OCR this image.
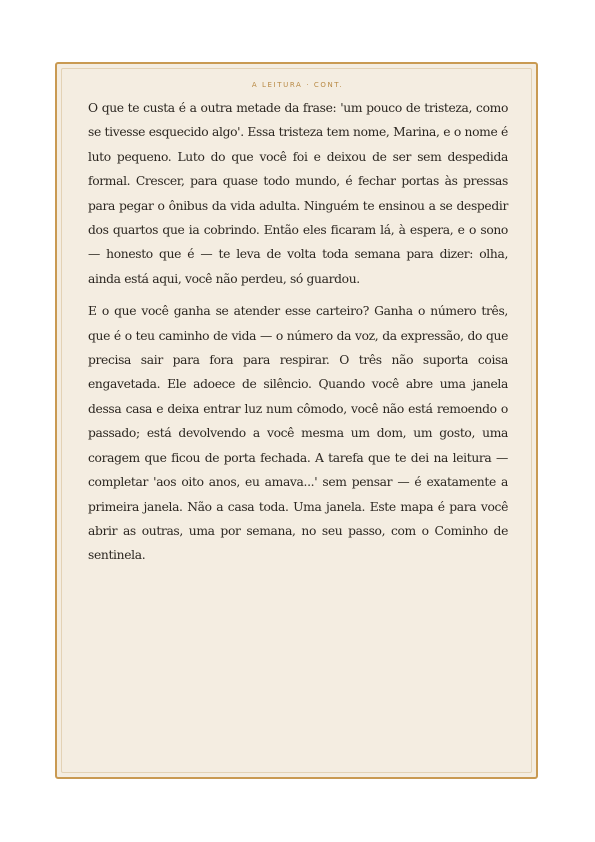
A LEITURA · CONT.

O que te custa é a outra metade da frase: 'um pouco de tristeza, como se tivesse esquecido algo'. Essa tristeza tem nome, Marina, e o nome é luto pequeno. Luto do que você foi e deixou de ser sem despedida formal. Crescer, para quase todo mundo, é fechar portas às pressas para pegar o ônibus da vida adulta. Ninguém te ensinou a se despedir dos quartos que ia cobrindo. Então eles ficaram lá, à espera, e o sono — honesto que é — te leva de volta toda semana para dizer: olha, ainda está aqui, você não perdeu, só guardou.

E o que você ganha se atender esse carteiro? Ganha o número três, que é o teu caminho de vida — o número da voz, da expressão, do que precisa sair para fora para respirar. O três não suporta coisa engavetada. Ele adoece de silêncio. Quando você abre uma janela dessa casa e deixa entrar luz num cômodo, você não está remoendo o passado; está devolvendo a você mesma um dom, um gosto, uma coragem que ficou de porta fechada. A tarefa que te dei na leitura — completar 'aos oito anos, eu amava...' sem pensar — é exatamente a primeira janela. Não a casa toda. Uma janela. Este mapa é para você abrir as outras, uma por semana, no seu passo, com o Cominho de sentinela.
